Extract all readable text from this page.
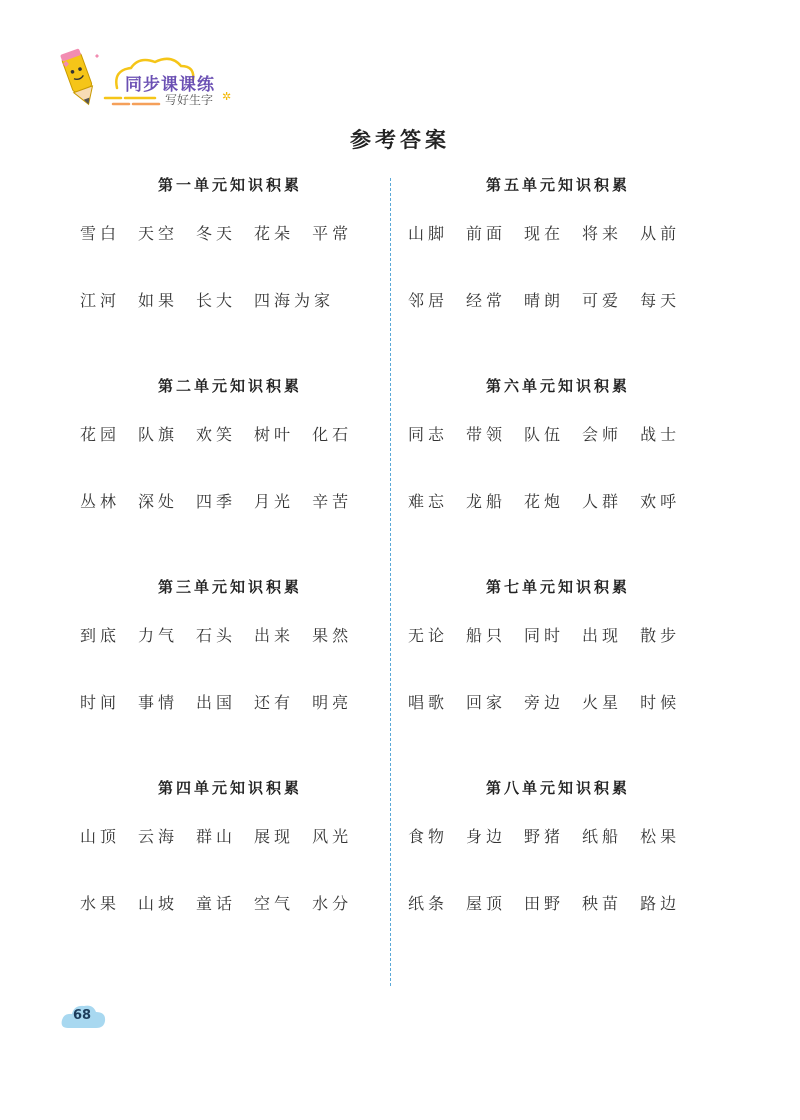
同步课课练
写好生字 ✲
参考答案
第一单元知识积累
雪白 天空 冬天 花朵 平常
江河 如果 长大 四海为家
第二单元知识积累
花园 队旗 欢笑 树叶 化石
丛林 深处 四季 月光 辛苦
第三单元知识积累
到底 力气 石头 出来 果然
时间 事情 出国 还有 明亮
第四单元知识积累
山顶 云海 群山 展现 风光
水果 山坡 童话 空气 水分
第五单元知识积累
山脚 前面 现在 将来 从前
邻居 经常 晴朗 可爱 每天
第六单元知识积累
同志 带领 队伍 会师 战士
难忘 龙船 花炮 人群 欢呼
第七单元知识积累
无论 船只 同时 出现 散步
唱歌 回家 旁边 火星 时候
第八单元知识积累
食物 身边 野猪 纸船 松果
纸条 屋顶 田野 秧苗 路边
68
